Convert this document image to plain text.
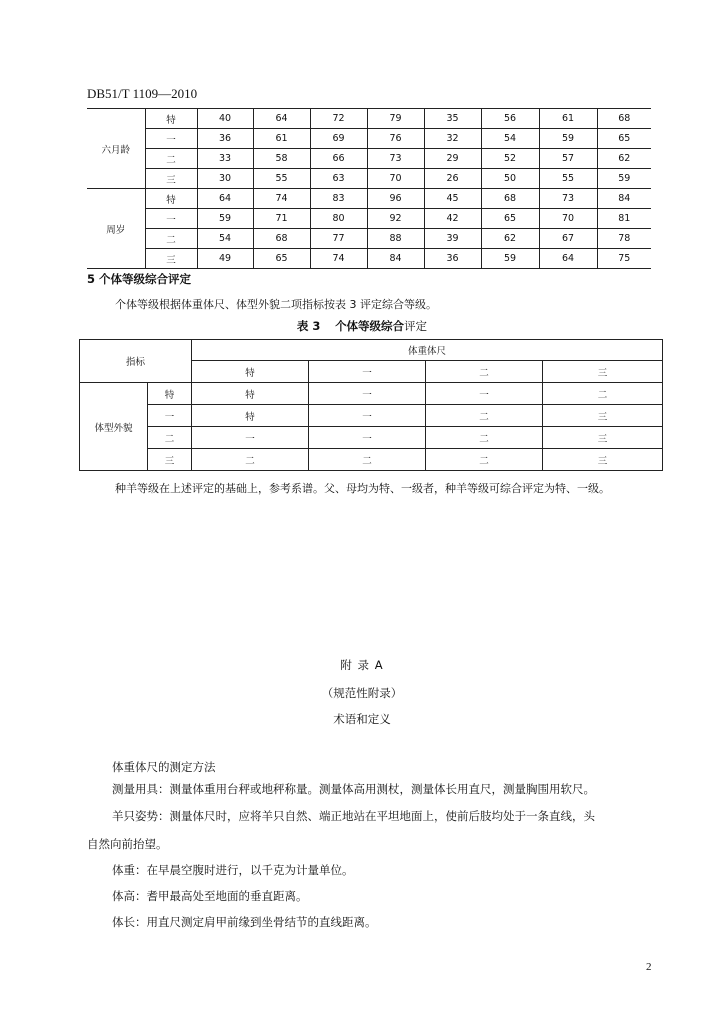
DB51/T 1109—2010
六月龄	特	40	64	72	79	35	56	61	68
	一	36	61	69	76	32	54	59	65
	二	33	58	66	73	29	52	57	62
	三	30	55	63	70	26	50	55	59
周岁	特	64	74	83	96	45	68	73	84
	一	59	71	80	92	42	65	70	81
	二	54	68	77	88	39	62	67	78
	三	49	65	74	84	36	59	64	75
5 个体等级综合评定
个体等级根据体重体尺、体型外貌二项指标按表 3 评定综合等级。
表 3 个体等级综合评定
指标		体重体尺			
		特	一	二	三
体型外貌	特	特	一	一	二
	一	特	一	二	三
	二	一	一	二	三
	三	二	二	二	三
种羊等级在上述评定的基础上，参考系谱。父、母均为特、一级者，种羊等级可综合评定为特、一级。
附 录 A
（规范性附录）
术语和定义
体重体尺的测定方法
测量用具：测量体重用台秤或地秤称量。测量体高用测杖，测量体长用直尺，测量胸围用软尺。
羊只姿势：测量体尺时，应将羊只自然、端正地站在平坦地面上，使前后肢均处于一条直线，头
自然向前抬望。
体重：在早晨空腹时进行，以千克为计量单位。
体高：耆甲最高处至地面的垂直距离。
体长：用直尺测定肩甲前缘到坐骨结节的直线距离。
2
